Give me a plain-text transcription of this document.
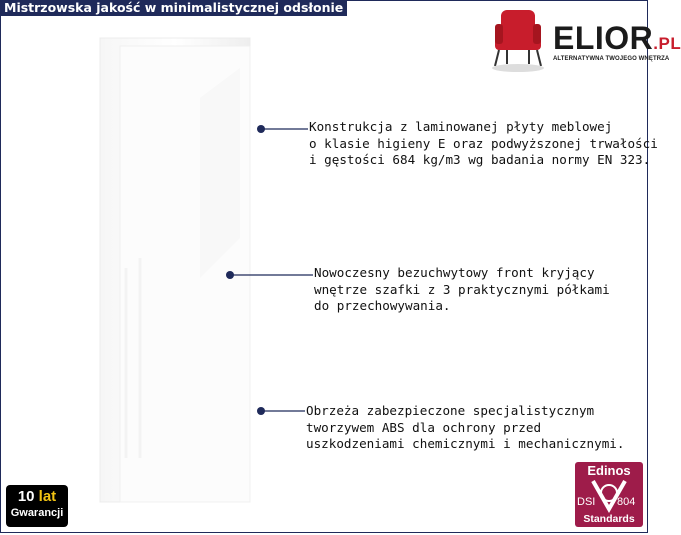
Mistrzowska jakość w minimalistycznej odsłonie
ELIOR.PL
ALTERNATYWNA TWOJEGO WNĘTRZA
Konstrukcja z laminowanej płyty meblowej
o klasie higieny E oraz podwyższonej trwałości
i gęstości 684 kg/m3 wg badania normy EN 323.
Nowoczesny bezuchwytowy front kryjący
wnętrze szafki z 3 praktycznymi półkami
do przechowywania.
Obrzeża zabezpieczone specjalistycznym
tworzywem ABS dla ochrony przed
uszkodzeniami chemicznymi i mechanicznymi.
10 lat
Gwarancji
Edinos
DSI 804
Standards
